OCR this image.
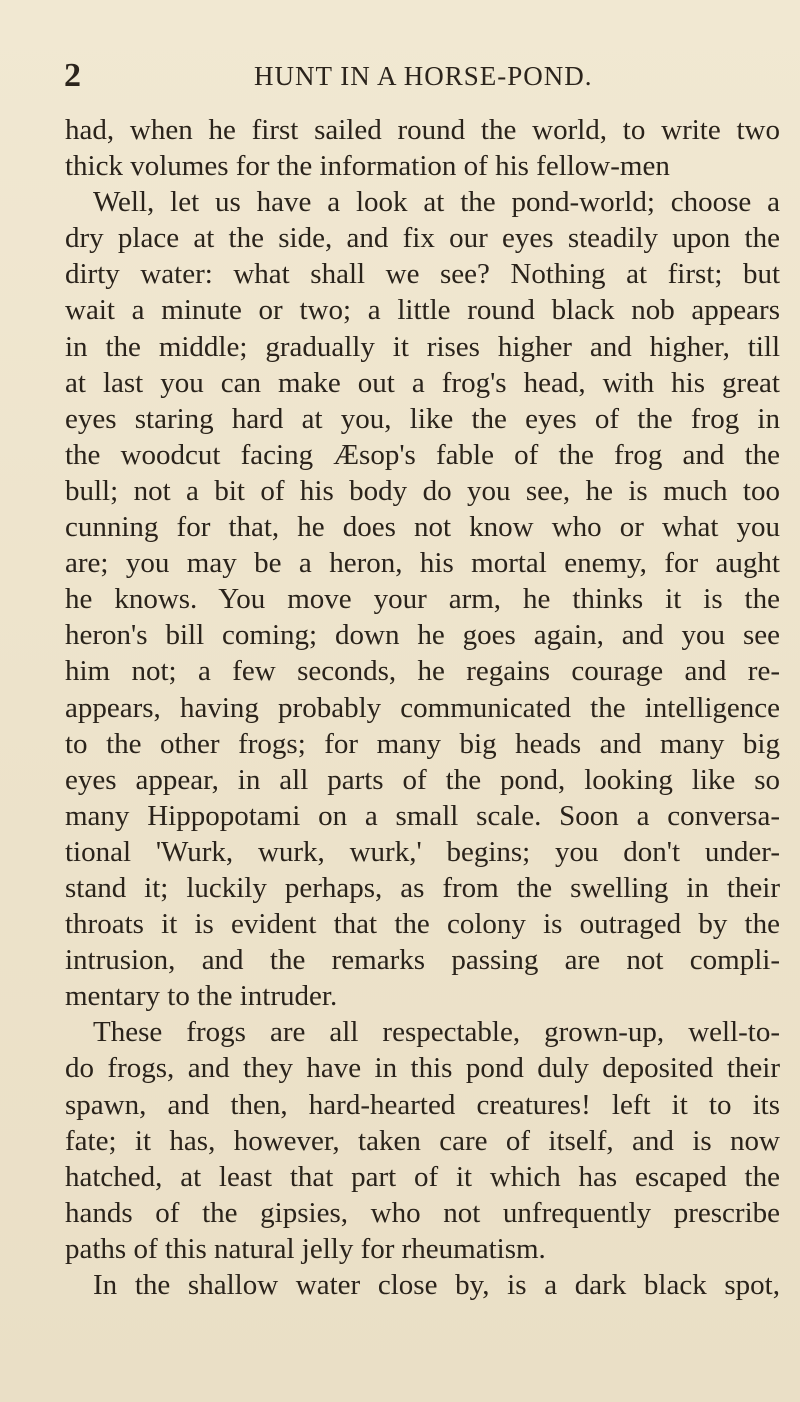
2	HUNT IN A HORSE-POND.
had, when he first sailed round the world, to write two
thick volumes for the information of his fellow-men
Well, let us have a look at the pond-world; choose a
dry place at the side, and fix our eyes steadily upon the
dirty water: what shall we see? Nothing at first; but
wait a minute or two; a little round black nob appears
in the middle; gradually it rises higher and higher, till
at last you can make out a frog's head, with his great
eyes staring hard at you, like the eyes of the frog in
the woodcut facing Æsop's fable of the frog and the
bull; not a bit of his body do you see, he is much too
cunning for that, he does not know who or what you
are; you may be a heron, his mortal enemy, for aught
he knows. You move your arm, he thinks it is the
heron's bill coming; down he goes again, and you see
him not; a few seconds, he regains courage and re-
appears, having probably communicated the intelligence
to the other frogs; for many big heads and many big
eyes appear, in all parts of the pond, looking like so
many Hippopotami on a small scale. Soon a conversa-
tional 'Wurk, wurk, wurk,' begins; you don't under-
stand it; luckily perhaps, as from the swelling in their
throats it is evident that the colony is outraged by the
intrusion, and the remarks passing are not compli-
mentary to the intruder.
These frogs are all respectable, grown-up, well-to-
do frogs, and they have in this pond duly deposited their
spawn, and then, hard-hearted creatures! left it to its
fate; it has, however, taken care of itself, and is now
hatched, at least that part of it which has escaped the
hands of the gipsies, who not unfrequently prescribe
paths of this natural jelly for rheumatism.
In the shallow water close by, is a dark black spot,
